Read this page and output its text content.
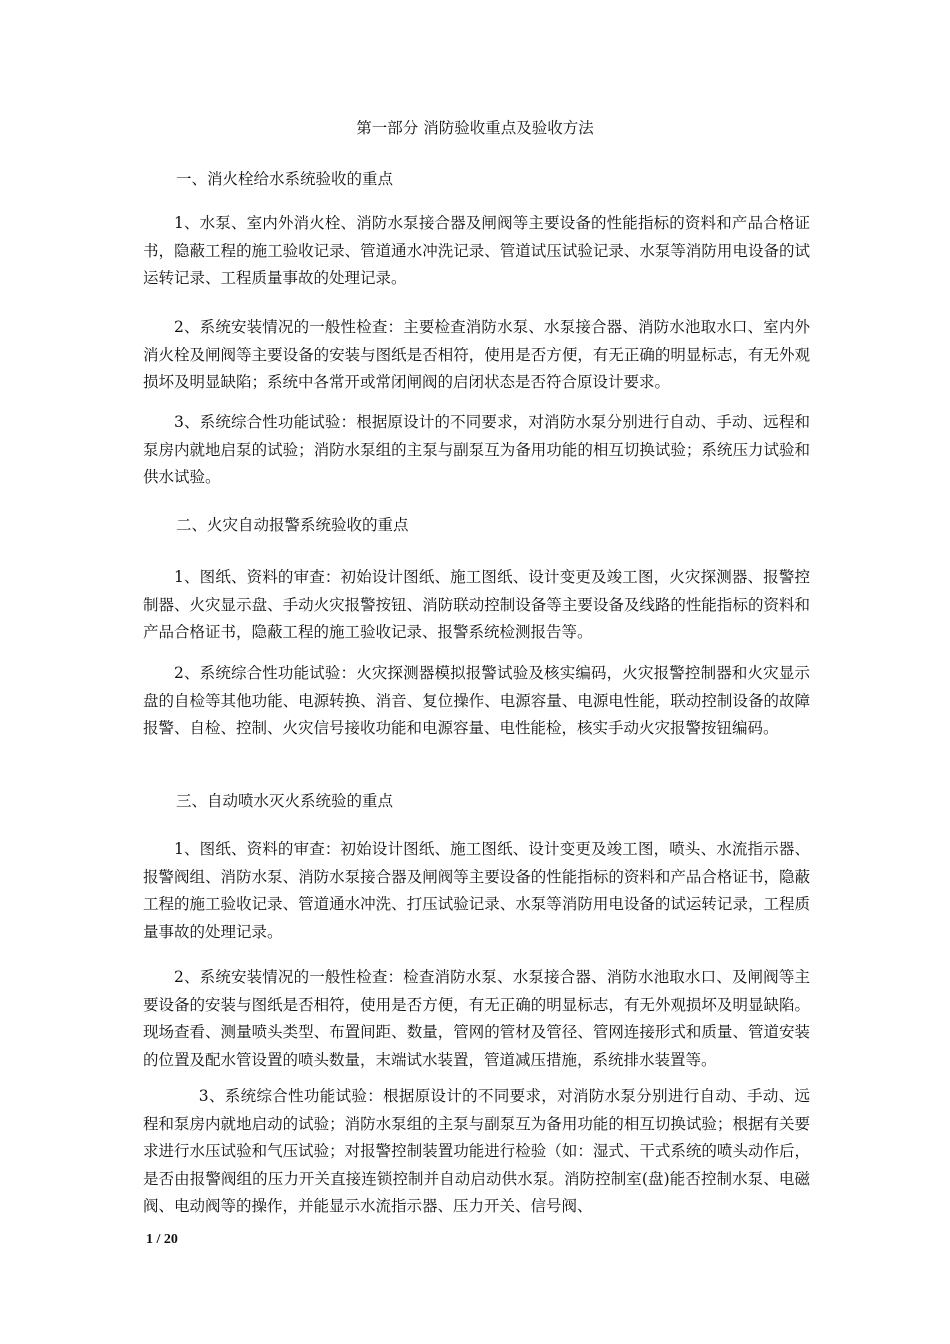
第一部分 消防验收重点及验收方法
一、消火栓给水系统验收的重点
1、水泵、室内外消火栓、消防水泵接合器及闸阀等主要设备的性能指标的资料和产品合格证书，隐蔽工程的施工验收记录、管道通水冲洗记录、管道试压试验记录、水泵等消防用电设备的试运转记录、工程质量事故的处理记录。
2、系统安装情况的一般性检查：主要检查消防水泵、水泵接合器、消防水池取水口、室内外消火栓及闸阀等主要设备的安装与图纸是否相符，使用是否方便，有无正确的明显标志，有无外观损坏及明显缺陷；系统中各常开或常闭闸阀的启闭状态是否符合原设计要求。
3、系统综合性功能试验：根据原设计的不同要求，对消防水泵分别进行自动、手动、远程和泵房内就地启泵的试验；消防水泵组的主泵与副泵互为备用功能的相互切换试验；系统压力试验和供水试验。
二、火灾自动报警系统验收的重点
1、图纸、资料的审查：初始设计图纸、施工图纸、设计变更及竣工图，火灾探测器、报警控制器、火灾显示盘、手动火灾报警按钮、消防联动控制设备等主要设备及线路的性能指标的资料和产品合格证书，隐蔽工程的施工验收记录、报警系统检测报告等。
2、系统综合性功能试验：火灾探测器模拟报警试验及核实编码，火灾报警控制器和火灾显示盘的自检等其他功能、电源转换、消音、复位操作、电源容量、电源电性能，联动控制设备的故障报警、自检、控制、火灾信号接收功能和电源容量、电性能检，核实手动火灾报警按钮编码。
三、自动喷水灭火系统验的重点
1、图纸、资料的审查：初始设计图纸、施工图纸、设计变更及竣工图，喷头、水流指示器、报警阀组、消防水泵、消防水泵接合器及闸阀等主要设备的性能指标的资料和产品合格证书，隐蔽工程的施工验收记录、管道通水冲洗、打压试验记录、水泵等消防用电设备的试运转记录，工程质量事故的处理记录。
2、系统安装情况的一般性检查：检查消防水泵、水泵接合器、消防水池取水口、及闸阀等主要设备的安装与图纸是否相符，使用是否方便，有无正确的明显标志，有无外观损坏及明显缺陷。现场查看、测量喷头类型、布置间距、数量，管网的管材及管径、管网连接形式和质量、管道安装的位置及配水管设置的喷头数量，末端试水装置，管道减压措施，系统排水装置等。
3、系统综合性功能试验：根据原设计的不同要求，对消防水泵分别进行自动、手动、远程和泵房内就地启动的试验；消防水泵组的主泵与副泵互为备用功能的相互切换试验；根据有关要求进行水压试验和气压试验；对报警控制装置功能进行检验（如：湿式、干式系统的喷头动作后，是否由报警阀组的压力开关直接连锁控制并自动启动供水泵。消防控制室(盘)能否控制水泵、电磁阀、电动阀等的操作，并能显示水流指示器、压力开关、信号阀、
1 / 20
